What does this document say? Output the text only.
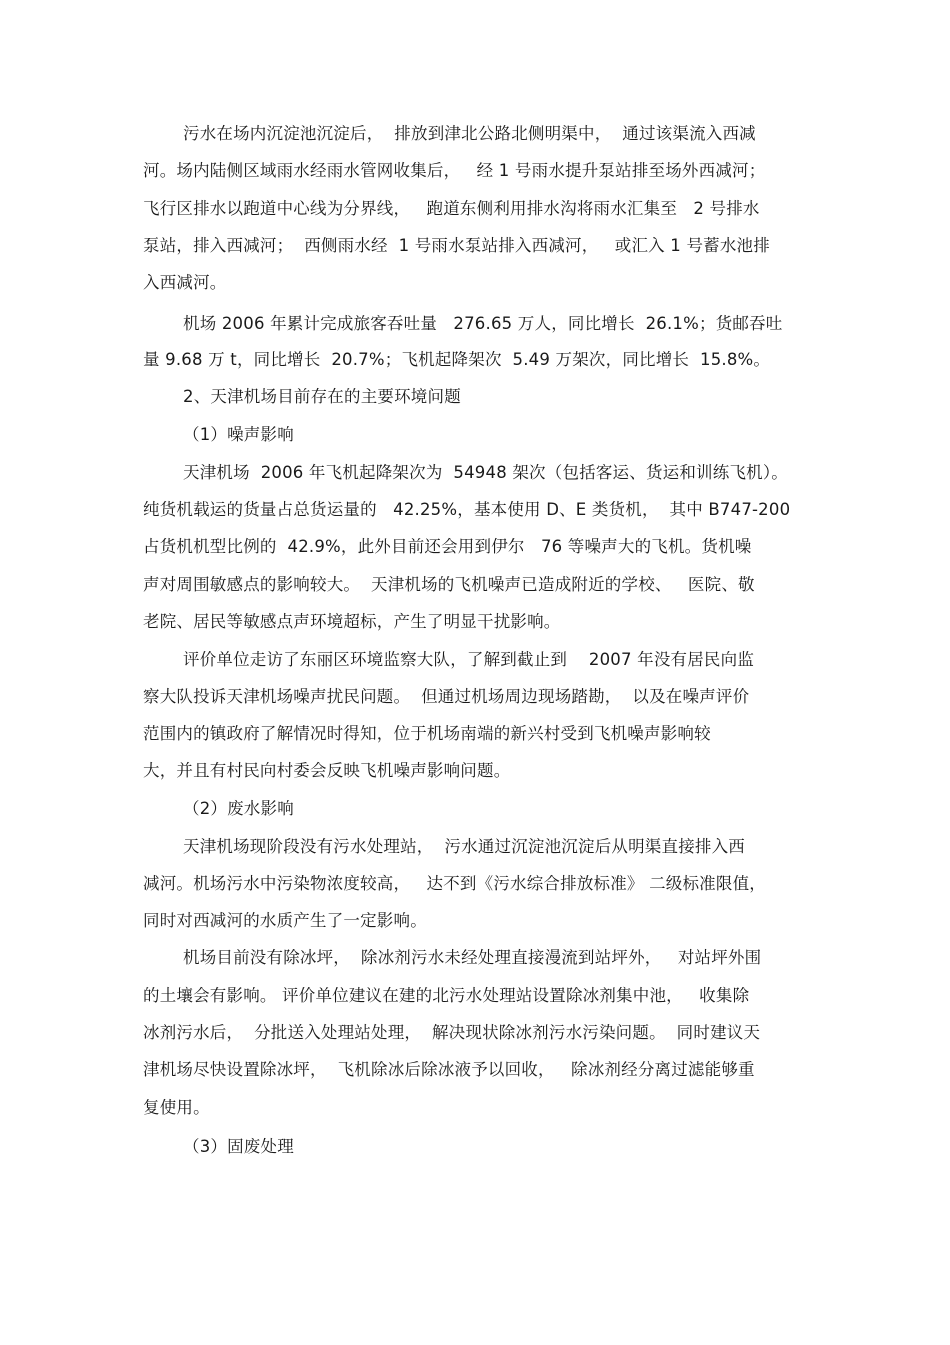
污水在场内沉淀池沉淀后，  排放到津北公路北侧明渠中，  通过该渠流入西减
河。场内陆侧区域雨水经雨水管网收集后，   经 1 号雨水提升泵站排至场外西减河；
飞行区排水以跑道中心线为分界线，   跑道东侧利用排水沟将雨水汇集至   2 号排水
泵站，排入西减河；  西侧雨水经  1 号雨水泵站排入西减河，   或汇入 1 号蓄水池排
入西减河。
机场 2006 年累计完成旅客吞吐量   276.65 万人，同比增长  26.1%；货邮吞吐
量 9.68 万 t，同比增长  20.7%；飞机起降架次  5.49 万架次，同比增长  15.8%。
2、天津机场目前存在的主要环境问题
（1）噪声影响
天津机场  2006 年飞机起降架次为  54948 架次（包括客运、货运和训练飞机）。
纯货机载运的货量占总货运量的   42.25%，基本使用 D、E 类货机，  其中 B747-200
占货机机型比例的  42.9%，此外目前还会用到伊尔   76 等噪声大的飞机。货机噪
声对周围敏感点的影响较大。  天津机场的飞机噪声已造成附近的学校、   医院、敬
老院、居民等敏感点声环境超标，产生了明显干扰影响。
评价单位走访了东丽区环境监察大队，了解到截止到    2007 年没有居民向监
察大队投诉天津机场噪声扰民问题。  但通过机场周边现场踏勘，  以及在噪声评价
范围内的镇政府了解情况时得知，位于机场南端的新兴村受到飞机噪声影响较
大，并且有村民向村委会反映飞机噪声影响问题。
（2）废水影响
天津机场现阶段没有污水处理站，  污水通过沉淀池沉淀后从明渠直接排入西
减河。机场污水中污染物浓度较高，   达不到《污水综合排放标准》 二级标准限值，
同时对西减河的水质产生了一定影响。
机场目前没有除冰坪，  除冰剂污水未经处理直接漫流到站坪外，   对站坪外围
的土壤会有影响。 评价单位建议在建的北污水处理站设置除冰剂集中池，   收集除
冰剂污水后，  分批送入处理站处理，  解决现状除冰剂污水污染问题。  同时建议天
津机场尽快设置除冰坪，  飞机除冰后除冰液予以回收，   除冰剂经分离过滤能够重
复使用。
（3）固废处理
